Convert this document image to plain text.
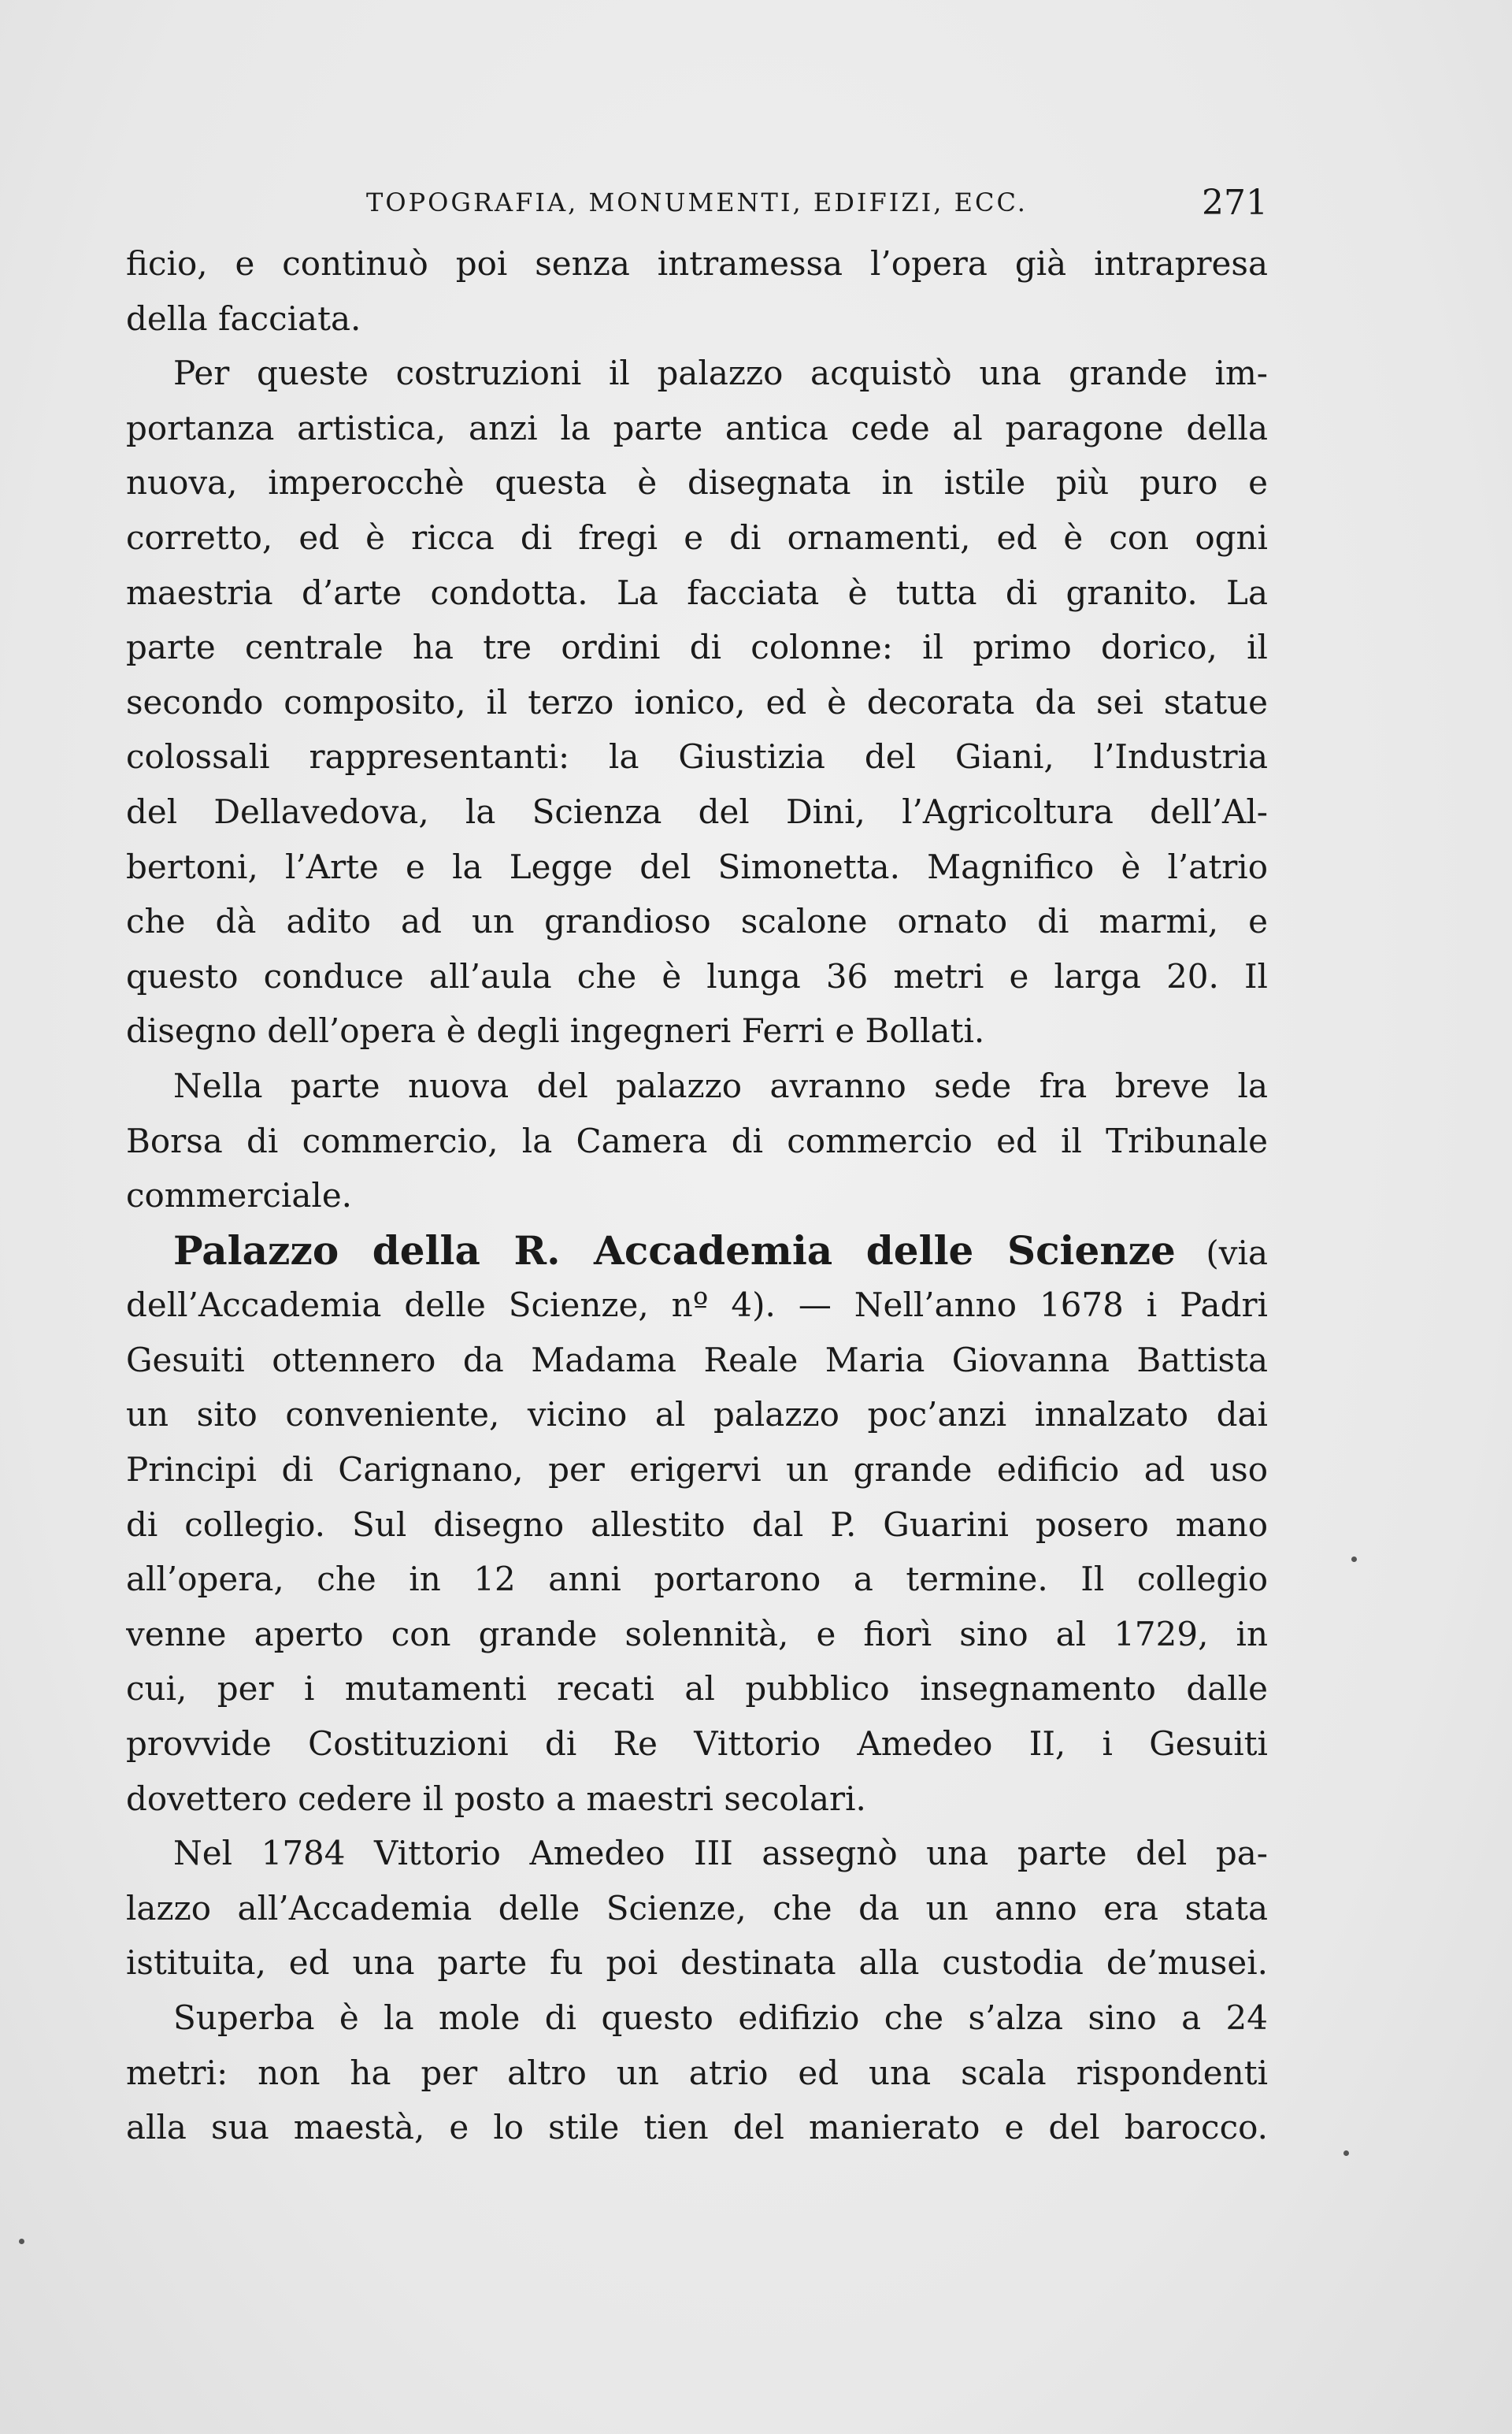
TOPOGRAFIA, MONUMENTI, EDIFIZI, ECC.	271
ficio, e continuò poi senza intramessa l’opera già intrapresa
della facciata.
Per queste costruzioni il palazzo acquistò una grande im-
portanza artistica, anzi la parte antica cede al paragone della
nuova, imperocchè questa è disegnata in istile più puro e
corretto, ed è ricca di fregi e di ornamenti, ed è con ogni
maestria d’arte condotta. La facciata è tutta di granito. La
parte centrale ha tre ordini di colonne: il primo dorico, il
secondo composito, il terzo ionico, ed è decorata da sei statue
colossali rappresentanti: la Giustizia del Giani, l’Industria
del Dellavedova, la Scienza del Dini, l’Agricoltura dell’Al-
bertoni, l’Arte e la Legge del Simonetta. Magnifico è l’atrio
che dà adito ad un grandioso scalone ornato di marmi, e
questo conduce all’aula che è lunga 36 metri e larga 20. Il
disegno dell’opera è degli ingegneri Ferri e Bollati.
Nella parte nuova del palazzo avranno sede fra breve la
Borsa di commercio, la Camera di commercio ed il Tribunale
commerciale.
Palazzo della R. Accademia delle Scienze (via
dell’Accademia delle Scienze, nº 4). — Nell’anno 1678 i Padri
Gesuiti ottennero da Madama Reale Maria Giovanna Battista
un sito conveniente, vicino al palazzo poc’anzi innalzato dai
Principi di Carignano, per erigervi un grande edificio ad uso
di collegio. Sul disegno allestito dal P. Guarini posero mano
all’opera, che in 12 anni portarono a termine. Il collegio
venne aperto con grande solennità, e fiorì sino al 1729, in
cui, per i mutamenti recati al pubblico insegnamento dalle
provvide Costituzioni di Re Vittorio Amedeo II, i Gesuiti
dovettero cedere il posto a maestri secolari.
Nel 1784 Vittorio Amedeo III assegnò una parte del pa-
lazzo all’Accademia delle Scienze, che da un anno era stata
istituita, ed una parte fu poi destinata alla custodia de’musei.
Superba è la mole di questo edifizio che s’alza sino a 24
metri: non ha per altro un atrio ed una scala rispondenti
alla sua maestà, e lo stile tien del manierato e del barocco.
